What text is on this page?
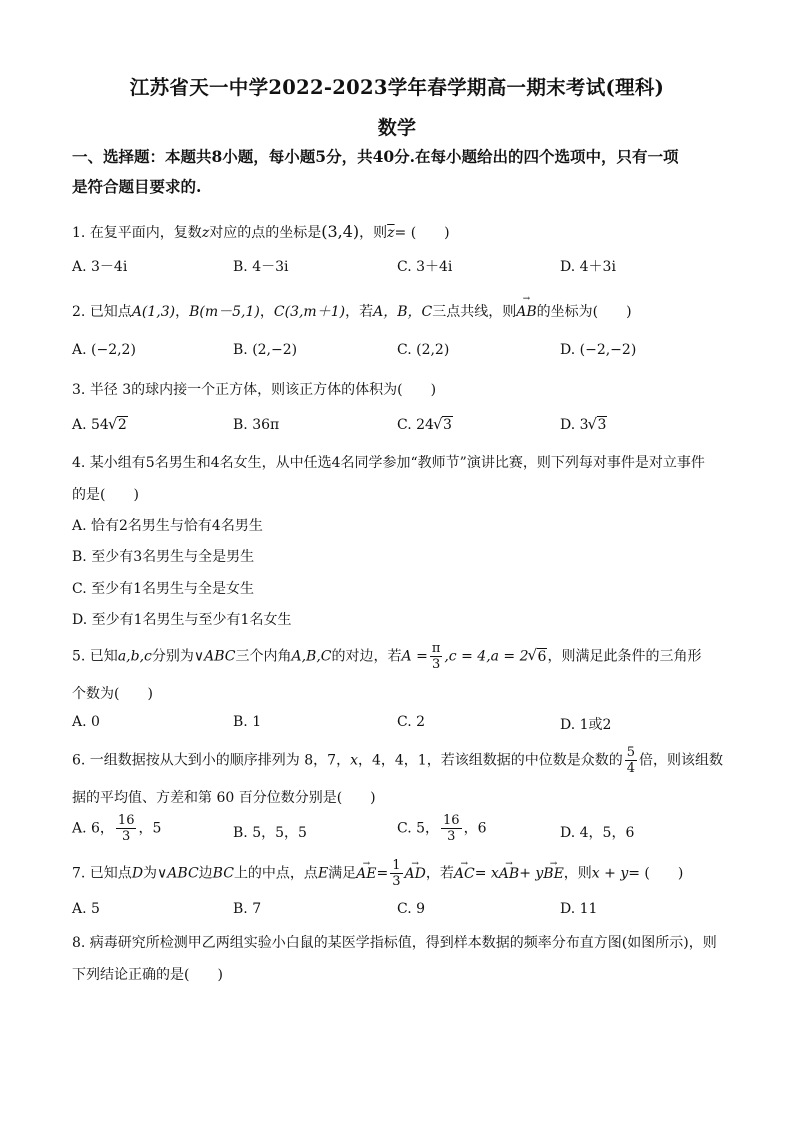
江苏省天一中学2022-2023学年春学期高一期末考试(理科)
数学
一、选择题：本题共8小题，每小题5分，共40分.在每小题给出的四个选项中，只有一项
是符合题目要求的.
1. 在复平面内，复数z对应的点的坐标是(3,4)，则$\overline{z}=$ (　　)
A. 3－4i	B. 4－3i	C. 3＋4i	D. 4＋3i
2. 已知点A(1,3)，B(m－5,1)，C(3,m＋1)，若A，B，C三点共线，则→ AB的坐标为(　　)
A. (−2,2)	B. (2,−2)	C. (2,2)	D. (−2,−2)
3. 半径 3的球内接一个正方体，则该正方体的体积为(　　)
A. 54 √ 2	B. 36π	C. 24 √ 3	D. 3 √ 3
4. 某小组有5名男生和4名女生，从中任选4名同学参加“教师节”演讲比赛，则下列每对事件是对立事件
的是(　　)
A. 恰有2名男生与恰有4名男生
B. 至少有3名男生与全是男生
C. 至少有1名男生与全是女生
D. 至少有1名男生与至少有1名女生
5. 已知a,b,c分别为∨ABC三个内角A,B,C的对边，若$A = \frac{\pi}{3} ,c = 4,a = 2$ √ 6，则满足此条件的三角形
个数为(　　)
A. 0	B. 1	C. 2	D. 1或2
6. 一组数据按从大到小的顺序排列为 8，7，x，4，4，1，若该组数据的中位数是众数的 $\frac{5}{4}$ 倍，则该组数
据的平均值、方差和第 60 百分位数分别是(　　)
A. 6， $\frac{16}{3}$ ，5	B. 5，5，5	C. 5， $\frac{16}{3}$ ，6	D. 4，5，6
7. 已知点D为∨ABC边BC上的中点，点E满足→ $AE= \frac{1}{3}$ → AD，若→ AC= x→ AB+ y→ BE，则x + y= (　　)
A. 5	B. 7	C. 9	D. 11
8. 病毒研究所检测甲乙两组实验小白鼠的某医学指标值，得到样本数据的频率分布直方图(如图所示)，则
下列结论正确的是(　　)
